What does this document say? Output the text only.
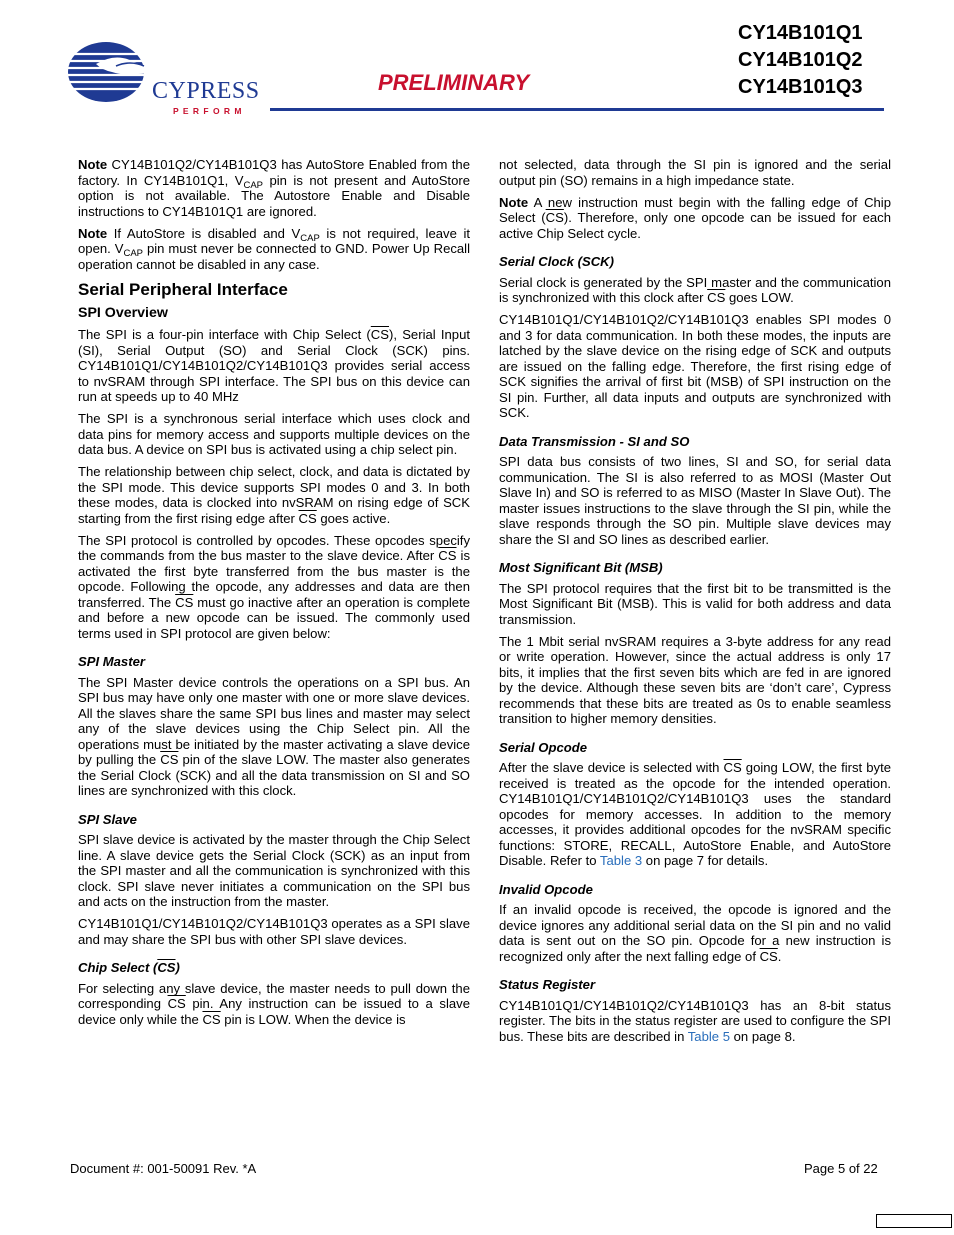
CYPRESS
P E R F O R M
PRELIMINARY
CY14B101Q1
CY14B101Q2
CY14B101Q3

Note CY14B101Q2/CY14B101Q3 has AutoStore Enabled from the factory. In CY14B101Q1, $V_{CAP}$ pin is not present and AutoStore option is not available. The Autostore Enable and Disable instructions to CY14B101Q1 are ignored.

Note If AutoStore is disabled and $V_{CAP}$ is not required, leave it open. $V_{CAP}$ pin must never be connected to GND. Power Up Recall operation cannot be disabled in any case.

Serial Peripheral Interface
SPI Overview

The SPI is a four-pin interface with Chip Select $(\overline{CS})$, Serial Input (SI), Serial Output (SO) and Serial Clock (SCK) pins. CY14B101Q1/CY14B101Q2/CY14B101Q3 provides serial access to nvSRAM through SPI interface. The SPI bus on this device can run at speeds up to 40 MHz

The SPI is a synchronous serial interface which uses clock and data pins for memory access and supports multiple devices on the data bus. A device on SPI bus is activated using a chip select pin.

The relationship between chip select, clock, and data is dictated by the SPI mode. This device supports SPI modes 0 and 3. In both these modes, data is clocked into nvSRAM on rising edge of SCK starting from the first rising edge after $\overline{CS}$ goes active.

The SPI protocol is controlled by opcodes. These opcodes specify the commands from the bus master to the slave device. After $\overline{CS}$ is activated the first byte transferred from the bus master is the opcode. Following the opcode, any addresses and data are then transferred. The $\overline{CS}$ must go inactive after an operation is complete and before a new opcode can be issued. The commonly used terms used in SPI protocol are given below:

SPI Master

The SPI Master device controls the operations on a SPI bus. An SPI bus may have only one master with one or more slave devices. All the slaves share the same SPI bus lines and master may select any of the slave devices using the Chip Select pin. All the operations must be initiated by the master activating a slave device by pulling the $\overline{CS}$ pin of the slave LOW. The master also generates the Serial Clock (SCK) and all the data transmission on SI and SO lines are synchronized with this clock.

SPI Slave

SPI slave device is activated by the master through the Chip Select line. A slave device gets the Serial Clock (SCK) as an input from the SPI master and all the communication is synchronized with this clock. SPI slave never initiates a communication on the SPI bus and acts on the instruction from the master.

CY14B101Q1/CY14B101Q2/CY14B101Q3 operates as a SPI slave and may share the SPI bus with other SPI slave devices.

Chip Select (CS)

For selecting any slave device, the master needs to pull down the corresponding $\overline{CS}$ pin. Any instruction can be issued to a slave device only while the $\overline{CS}$ pin is LOW. When the device is

not selected, data through the SI pin is ignored and the serial output pin (SO) remains in a high impedance state.

Note A new instruction must begin with the falling edge of Chip Select $(\overline{CS})$. Therefore, only one opcode can be issued for each active Chip Select cycle.

Serial Clock (SCK)

Serial clock is generated by the SPI master and the communication is synchronized with this clock after $\overline{CS}$ goes LOW.

CY14B101Q1/CY14B101Q2/CY14B101Q3 enables SPI modes 0 and 3 for data communication. In both these modes, the inputs are latched by the slave device on the rising edge of SCK and outputs are issued on the falling edge. Therefore, the first rising edge of SCK signifies the arrival of first bit (MSB) of SPI instruction on the SI pin. Further, all data inputs and outputs are synchronized with SCK.

Data Transmission - SI and SO

SPI data bus consists of two lines, SI and SO, for serial data communication. The SI is also referred to as MOSI (Master Out Slave In) and SO is referred to as MISO (Master In Slave Out). The master issues instructions to the slave through the SI pin, while the slave responds through the SO pin. Multiple slave devices may share the SI and SO lines as described earlier.

Most Significant Bit (MSB)

The SPI protocol requires that the first bit to be transmitted is the Most Significant Bit (MSB). This is valid for both address and data transmission.

The 1 Mbit serial nvSRAM requires a 3-byte address for any read or write operation. However, since the actual address is only 17 bits, it implies that the first seven bits which are fed in are ignored by the device. Although these seven bits are ‘don’t care’, Cypress recommends that these bits are treated as 0s to enable seamless transition to higher memory densities.

Serial Opcode

After the slave device is selected with $\overline{CS}$ going LOW, the first byte received is treated as the opcode for the intended operation. CY14B101Q1/CY14B101Q2/CY14B101Q3 uses the standard opcodes for memory accesses. In addition to the memory accesses, it provides additional opcodes for the nvSRAM specific functions: STORE, RECALL, AutoStore Enable, and AutoStore Disable. Refer to Table 3 on page 7 for details.

Invalid Opcode

If an invalid opcode is received, the opcode is ignored and the device ignores any additional serial data on the SI pin and no valid data is sent out on the SO pin. Opcode for a new instruction is recognized only after the next falling edge of $\overline{CS}$.

Status Register

CY14B101Q1/CY14B101Q2/CY14B101Q3 has an 8-bit status register. The bits in the status register are used to configure the SPI bus. These bits are described in Table 5 on page 8.

Document #: 001-50091 Rev. *A	Page 5 of 22
